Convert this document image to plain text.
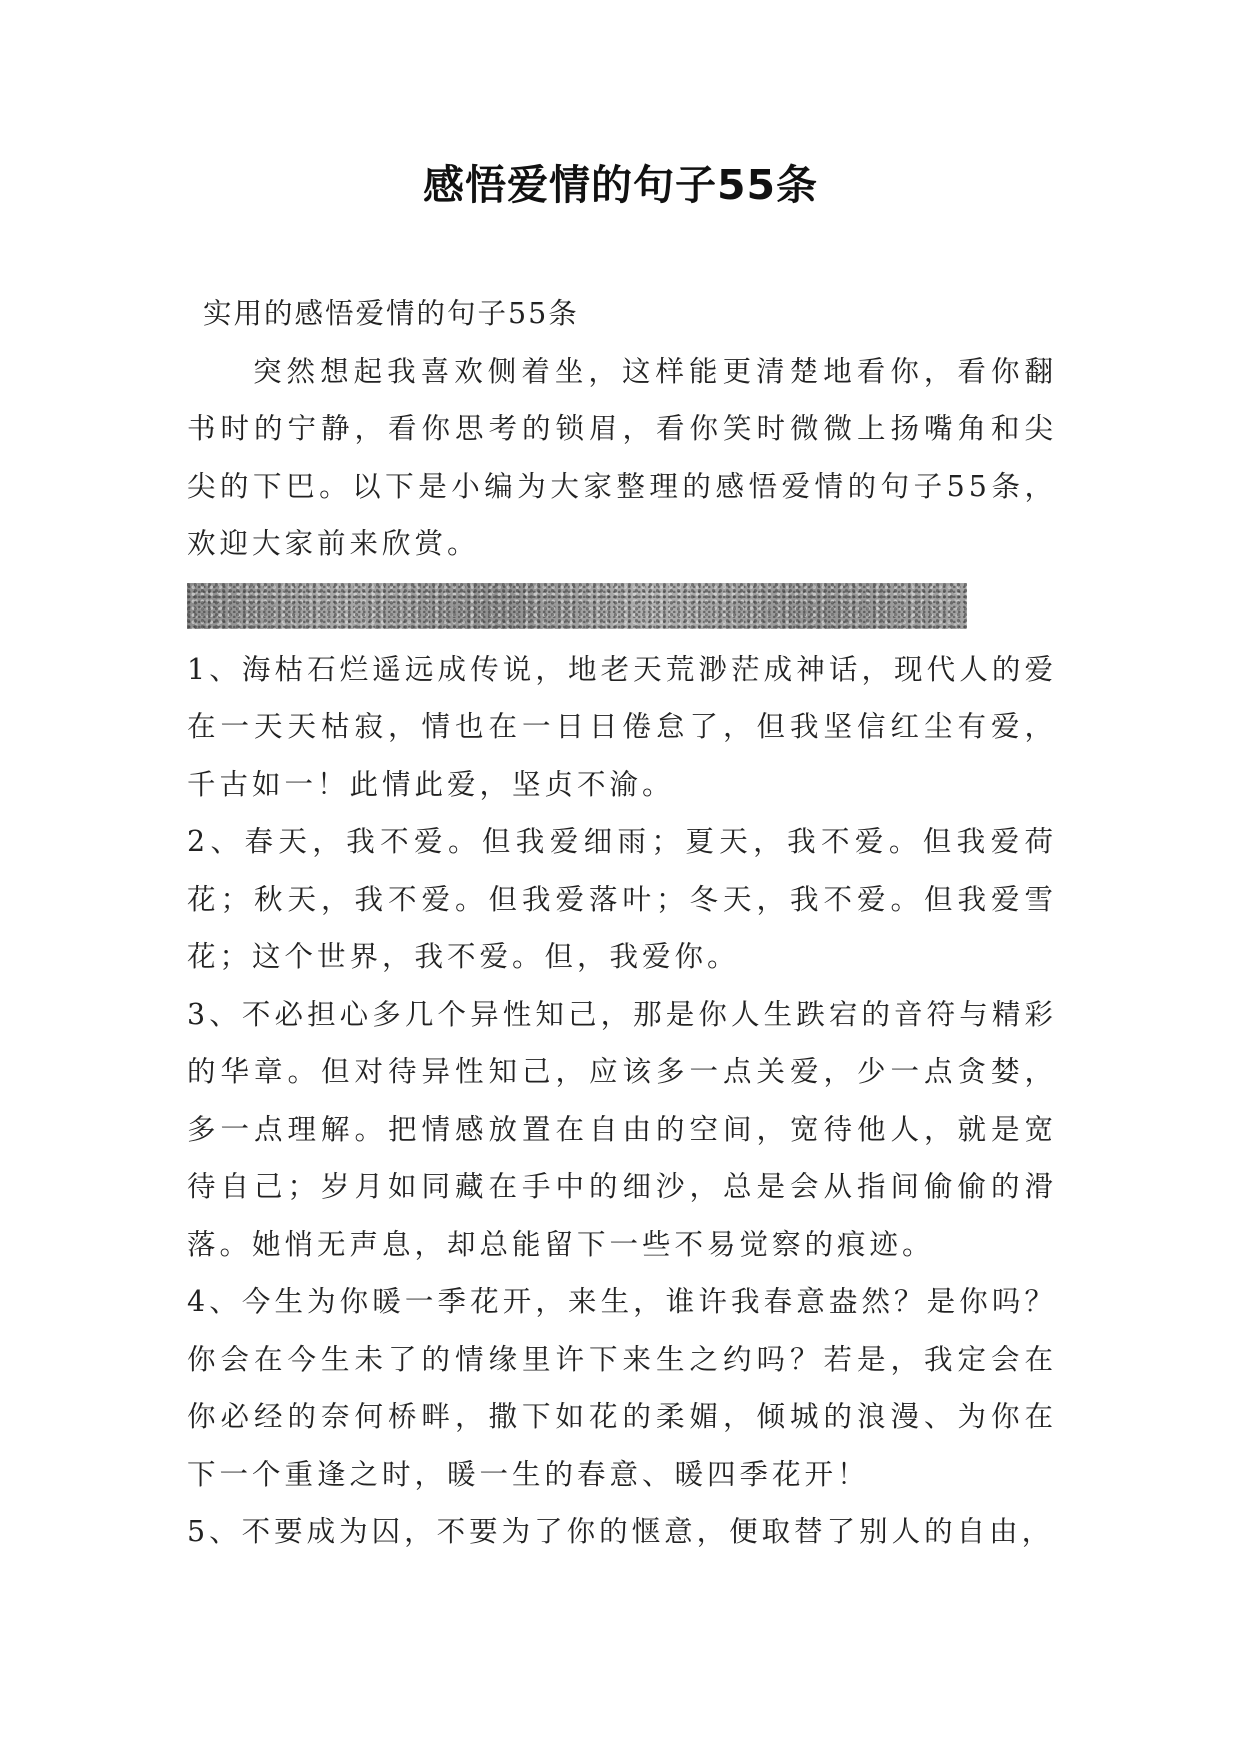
感悟爱情的句子55条

实用的感悟爱情的句子55条

突然想起我喜欢侧着坐，这样能更清楚地看你，看你翻书时的宁静，看你思考的锁眉，看你笑时微微上扬嘴角和尖尖的下巴。以下是小编为大家整理的感悟爱情的句子55条，欢迎大家前来欣赏。

1、海枯石烂遥远成传说，地老天荒渺茫成神话，现代人的爱在一天天枯寂，情也在一日日倦怠了，但我坚信红尘有爱，千古如一！此情此爱，坚贞不渝。

2、春天，我不爱。但我爱细雨；夏天，我不爱。但我爱荷花；秋天，我不爱。但我爱落叶；冬天，我不爱。但我爱雪花；这个世界，我不爱。但，我爱你。

3、不必担心多几个异性知己，那是你人生跌宕的音符与精彩的华章。但对待异性知己，应该多一点关爱，少一点贪婪，多一点理解。把情感放置在自由的空间，宽待他人，就是宽待自己；岁月如同藏在手中的细沙，总是会从指间偷偷的滑落。她悄无声息，却总能留下一些不易觉察的痕迹。

4、今生为你暖一季花开，来生，谁许我春意盎然？是你吗？你会在今生未了的情缘里许下来生之约吗？若是，我定会在你必经的奈何桥畔，撒下如花的柔媚，倾城的浪漫、为你在下一个重逢之时，暖一生的春意、暖四季花开！

5、不要成为囚，不要为了你的惬意，便取替了别人的自由，
